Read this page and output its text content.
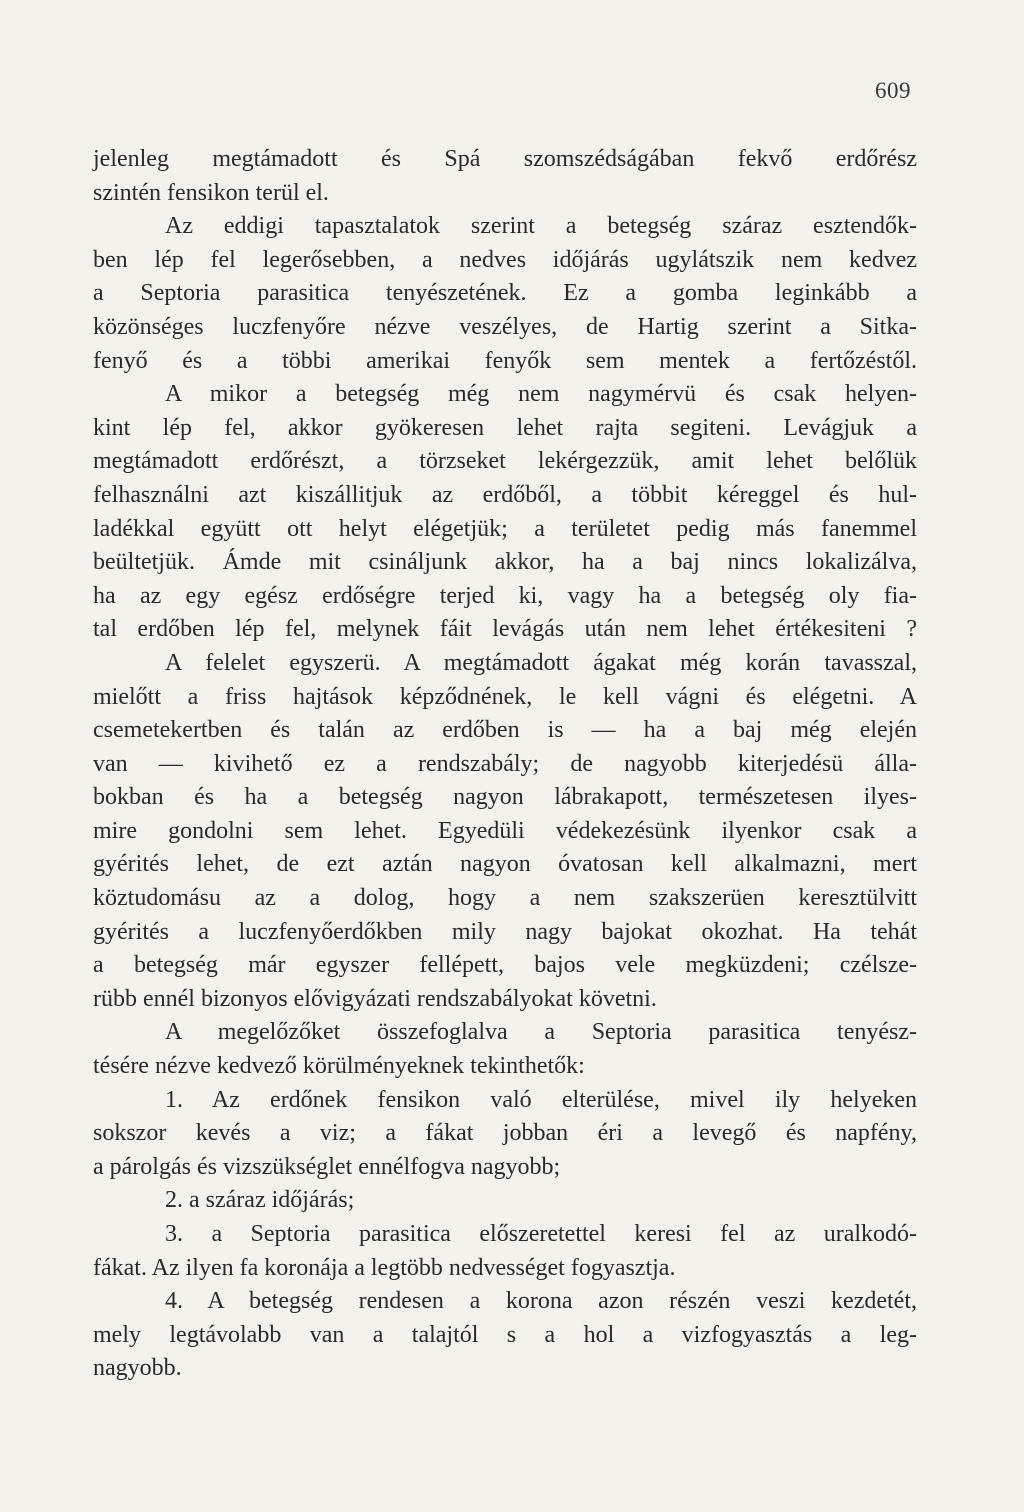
609
jelenleg megtámadott és Spá szomszédságában fekvő erdőrész
szintén fensikon terül el.
Az eddigi tapasztalatok szerint a betegség száraz esztendők-
ben lép fel legerősebben, a nedves időjárás ugylátszik nem kedvez
a Septoria parasitica tenyészetének. Ez a gomba leginkább a
közönséges luczfenyőre nézve veszélyes, de Hartig szerint a Sitka-
fenyő és a többi amerikai fenyők sem mentek a fertőzéstől.
A mikor a betegség még nem nagymérvü és csak helyen-
kint lép fel, akkor gyökeresen lehet rajta segiteni. Levágjuk a
megtámadott erdőrészt, a törzseket lekérgezzük, amit lehet belőlük
felhasználni azt kiszállitjuk az erdőből, a többit kéreggel és hul-
ladékkal együtt ott helyt elégetjük; a területet pedig más fanemmel
beültetjük. Ámde mit csináljunk akkor, ha a baj nincs lokalizálva,
ha az egy egész erdőségre terjed ki, vagy ha a betegség oly fia-
tal erdőben lép fel, melynek fáit levágás után nem lehet értékesiteni ?
A felelet egyszerü. A megtámadott ágakat még korán tavasszal,
mielőtt a friss hajtások képződnének, le kell vágni és elégetni. A
csemetekertben és talán az erdőben is — ha a baj még elején
van — kivihető ez a rendszabály; de nagyobb kiterjedésü álla-
bokban és ha a betegség nagyon lábrakapott, természetesen ilyes-
mire gondolni sem lehet. Egyedüli védekezésünk ilyenkor csak a
gyérités lehet, de ezt aztán nagyon óvatosan kell alkalmazni, mert
köztudomásu az a dolog, hogy a nem szakszerüen keresztülvitt
gyérités a luczfenyőerdőkben mily nagy bajokat okozhat. Ha tehát
a betegség már egyszer fellépett, bajos vele megküzdeni; czélsze-
rübb ennél bizonyos elővigyázati rendszabályokat követni.
A megelőzőket összefoglalva a Septoria parasitica tenyész-
tésére nézve kedvező körülményeknek tekinthetők:
1. Az erdőnek fensikon való elterülése, mivel ily helyeken
sokszor kevés a viz; a fákat jobban éri a levegő és napfény,
a párolgás és vizszükséglet ennélfogva nagyobb;
2. a száraz időjárás;
3. a Septoria parasitica előszeretettel keresi fel az uralkodó-
fákat. Az ilyen fa koronája a legtöbb nedvességet fogyasztja.
4. A betegség rendesen a korona azon részén veszi kezdetét,
mely legtávolabb van a talajtól s a hol a vizfogyasztás a leg-
nagyobb.
